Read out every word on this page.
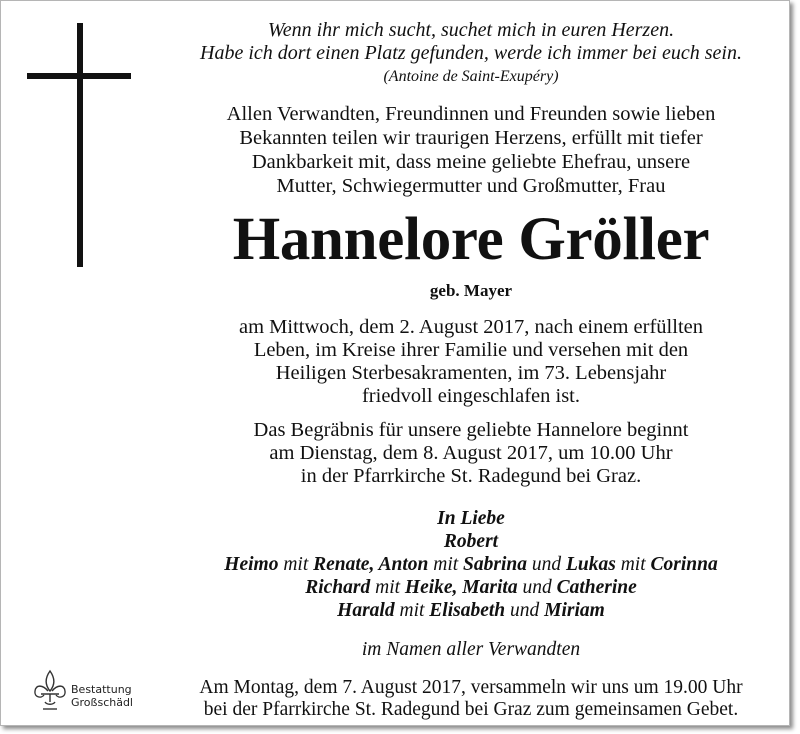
Wenn ihr mich sucht, suchet mich in euren Herzen.
Habe ich dort einen Platz gefunden, werde ich immer bei euch sein.
(Antoine de Saint-Exupéry)
Allen Verwandten, Freundinnen und Freunden sowie lieben
Bekannten teilen wir traurigen Herzens, erfüllt mit tiefer
Dankbarkeit mit, dass meine geliebte Ehefrau, unsere
Mutter, Schwiegermutter und Großmutter, Frau
Hannelore Gröller
geb. Mayer
am Mittwoch, dem 2. August 2017, nach einem erfüllten
Leben, im Kreise ihrer Familie und versehen mit den
Heiligen Sterbesakramenten, im 73. Lebensjahr
friedvoll eingeschlafen ist.
Das Begräbnis für unsere geliebte Hannelore beginnt
am Dienstag, dem 8. August 2017, um 10.00 Uhr
in der Pfarrkirche St. Radegund bei Graz.
In Liebe
Robert
Heimo mit Renate, Anton mit Sabrina und Lukas mit Corinna
Richard mit Heike, Marita und Catherine
Harald mit Elisabeth und Miriam
im Namen aller Verwandten
Am Montag, dem 7. August 2017, versammeln wir uns um 19.00 Uhr
bei der Pfarrkirche St. Radegund bei Graz zum gemeinsamen Gebet.
Bestattung
Großschädl
